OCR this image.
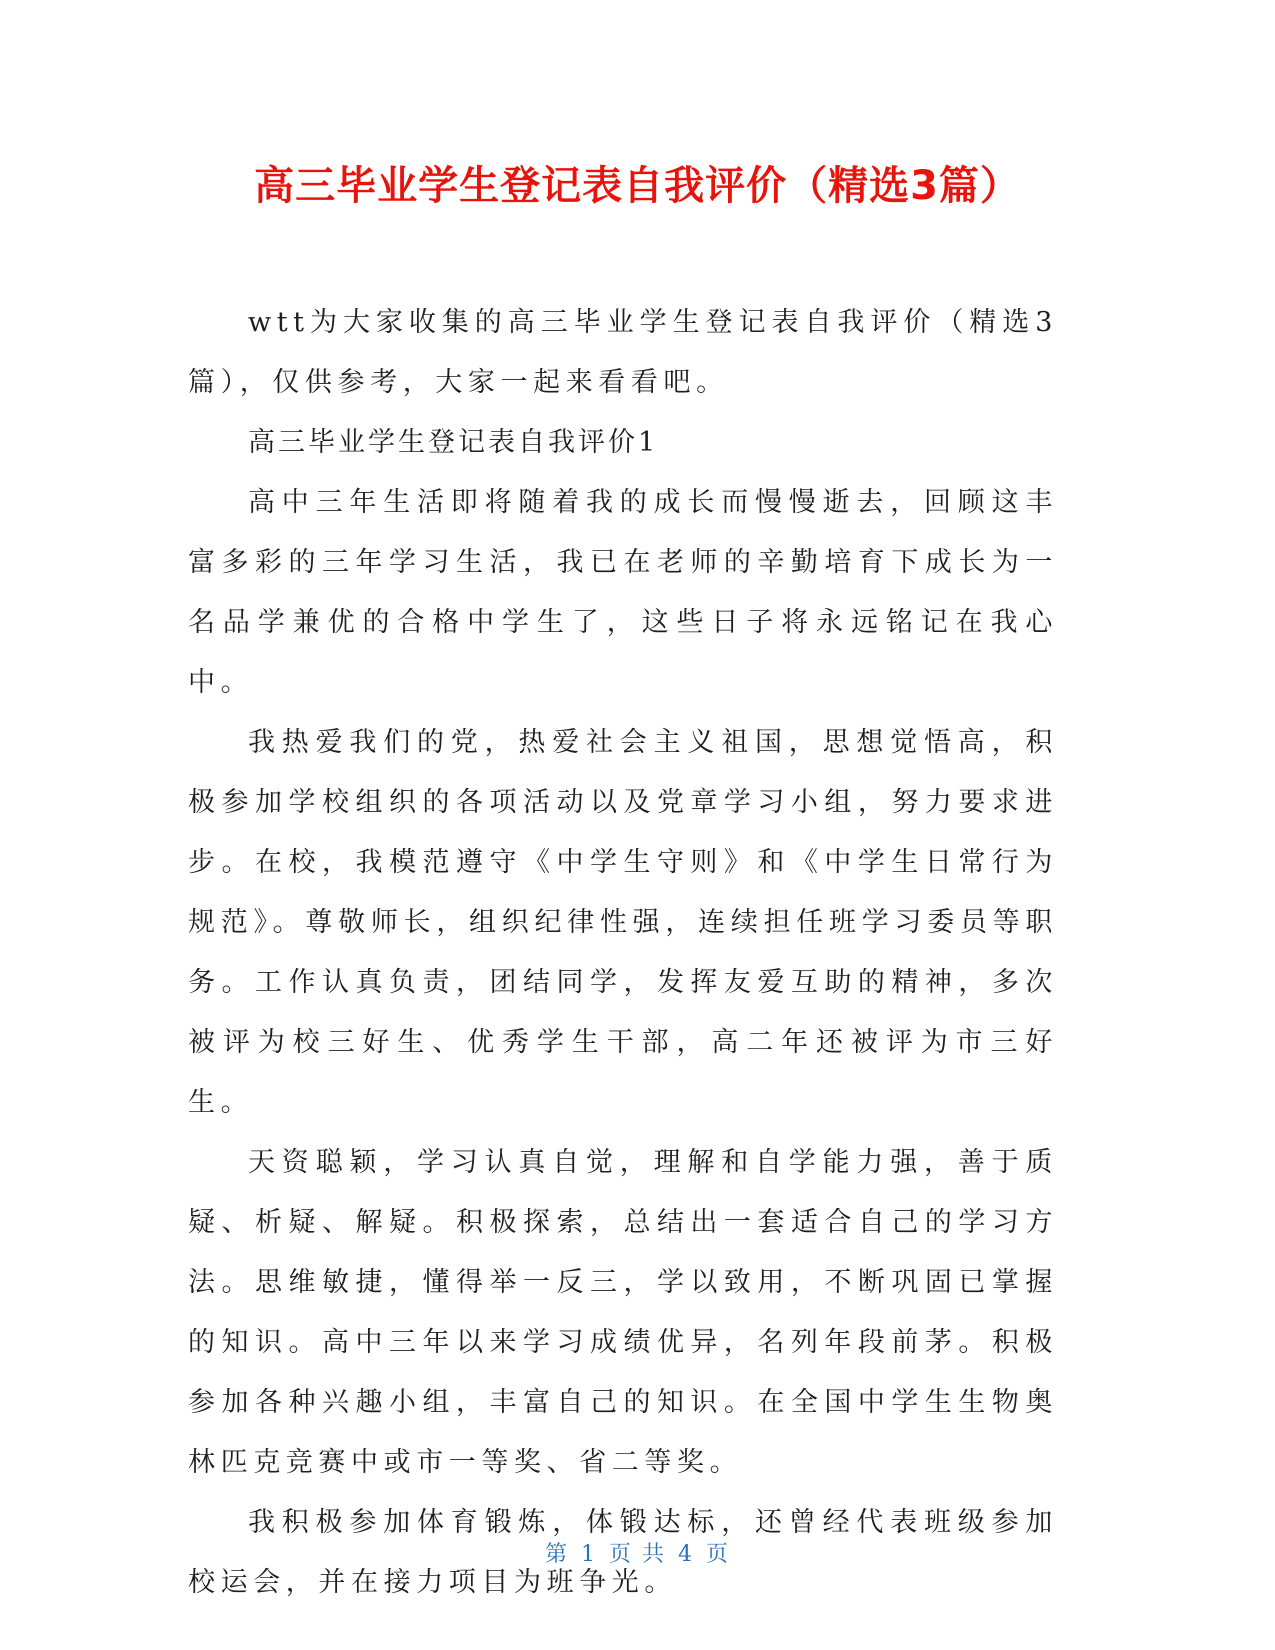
高三毕业学生登记表自我评价（精选3篇）

wtt为大家收集的高三毕业学生登记表自我评价（精选3篇），仅供参考，大家一起来看看吧。

高三毕业学生登记表自我评价1

高中三年生活即将随着我的成长而慢慢逝去，回顾这丰富多彩的三年学习生活，我已在老师的辛勤培育下成长为一名品学兼优的合格中学生了，这些日子将永远铭记在我心中。

我热爱我们的党，热爱社会主义祖国，思想觉悟高，积极参加学校组织的各项活动以及党章学习小组，努力要求进步。在校，我模范遵守《中学生守则》和《中学生日常行为规范》。尊敬师长，组织纪律性强，连续担任班学习委员等职务。工作认真负责，团结同学，发挥友爱互助的精神，多次被评为校三好生、优秀学生干部，高二年还被评为市三好生。

天资聪颖，学习认真自觉，理解和自学能力强，善于质疑、析疑、解疑。积极探索，总结出一套适合自己的学习方法。思维敏捷，懂得举一反三，学以致用，不断巩固已掌握的知识。高中三年以来学习成绩优异，名列年段前茅。积极参加各种兴趣小组，丰富自己的知识。在全国中学生生物奥林匹克竞赛中或市一等奖、省二等奖。

我积极参加体育锻炼，体锻达标，还曾经代表班级参加校运会，并在接力项目为班争光。

第 1 页 共 4 页
